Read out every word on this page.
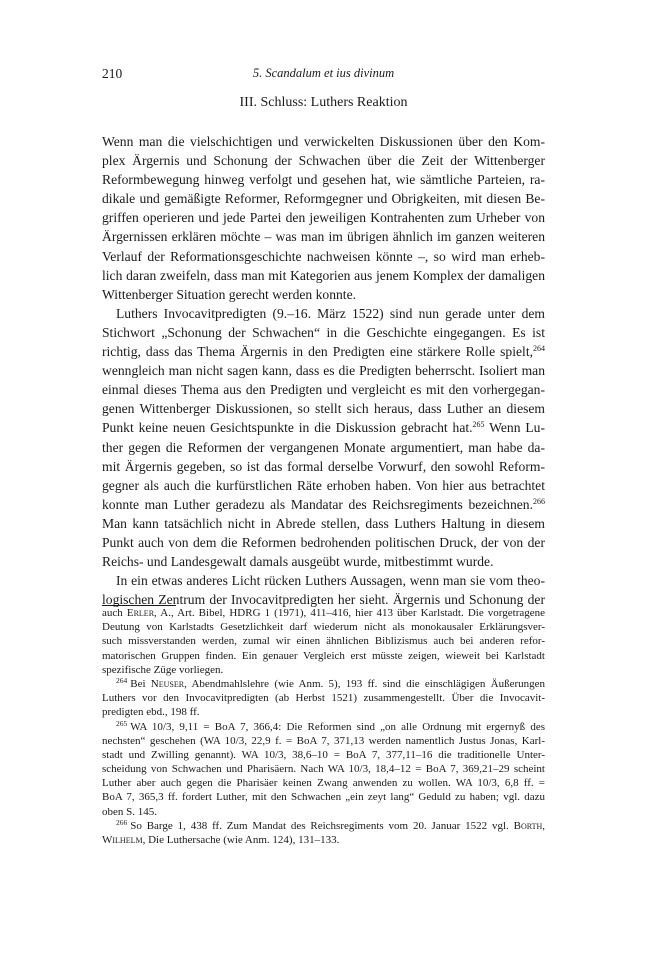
210	5. Scandalum et ius divinum
III. Schluss: Luthers Reaktion
Wenn man die vielschichtigen und verwickelten Diskussionen über den Kom-
plex Ärgernis und Schonung der Schwachen über die Zeit der Wittenberger
Reformbewegung hinweg verfolgt und gesehen hat, wie sämtliche Parteien, ra-
dikale und gemäßigte Reformer, Reformgegner und Obrigkeiten, mit diesen Be-
griffen operieren und jede Partei den jeweiligen Kontrahenten zum Urheber von
Ärgernissen erklären möchte – was man im übrigen ähnlich im ganzen weiteren
Verlauf der Reformationsgeschichte nachweisen könnte –, so wird man erheb-
lich daran zweifeln, dass man mit Kategorien aus jenem Komplex der damaligen
Wittenberger Situation gerecht werden konnte.
Luthers Invocavitpredigten (9.–16. März 1522) sind nun gerade unter dem
Stichwort „Schonung der Schwachen“ in die Geschichte eingegangen. Es ist
richtig, dass das Thema Ärgernis in den Predigten eine stärkere Rolle spielt,$^{264}$
wenngleich man nicht sagen kann, dass es die Predigten beherrscht. Isoliert man
einmal dieses Thema aus den Predigten und vergleicht es mit den vorhergegan-
genen Wittenberger Diskussionen, so stellt sich heraus, dass Luther an diesem
Punkt keine neuen Gesichtspunkte in die Diskussion gebracht hat.$^{265}$ Wenn Lu-
ther gegen die Reformen der vergangenen Monate argumentiert, man habe da-
mit Ärgernis gegeben, so ist das formal derselbe Vorwurf, den sowohl Reform-
gegner als auch die kurfürstlichen Räte erhoben haben. Von hier aus betrachtet
konnte man Luther geradezu als Mandatar des Reichsregiments bezeichnen.$^{266}$
Man kann tatsächlich nicht in Abrede stellen, dass Luthers Haltung in diesem
Punkt auch von dem die Reformen bedrohenden politischen Druck, der von der
Reichs- und Landesgewalt damals ausgeübt wurde, mitbestimmt wurde.
In ein etwas anderes Licht rücken Luthers Aussagen, wenn man sie vom theo-
logischen Zentrum der Invocavitpredigten her sieht. Ärgernis und Schonung der
auch Erler, A., Art. Bibel, HDRG 1 (1971), 411–416, hier 413 über Karlstadt. Die vorgetragene
Deutung von Karlstadts Gesetzlichkeit darf wiederum nicht als monokausaler Erklärungsver-
such missverstanden werden, zumal wir einen ähnlichen Biblizismus auch bei anderen refor-
matorischen Gruppen finden. Ein genauer Vergleich erst müsste zeigen, wieweit bei Karlstadt
spezifische Züge vorliegen.
$^{264}$ Bei Neuser, Abendmahlslehre (wie Anm. 5), 193 ff. sind die einschlägigen Äußerungen
Luthers vor den Invocavitpredigten (ab Herbst 1521) zusammengestellt. Über die Invocavit-
predigten ebd., 198 ff.
$^{265}$ WA 10/3, 9,11 = BoA 7, 366,4: Die Reformen sind „on alle Ordnung mit ergernyß des
nechsten“ geschehen (WA 10/3, 22,9 f. = BoA 7, 371,13 werden namentlich Justus Jonas, Karl-
stadt und Zwilling genannt). WA 10/3, 38,6–10 = BoA 7, 377,11–16 die traditionelle Unter-
scheidung von Schwachen und Pharisäern. Nach WA 10/3, 18,4–12 = BoA 7, 369,21–29 scheint
Luther aber auch gegen die Pharisäer keinen Zwang anwenden zu wollen. WA 10/3, 6,8 ff. =
BoA 7, 365,3 ff. fordert Luther, mit den Schwachen „ein zeyt lang“ Geduld zu haben; vgl. dazu
oben S. 145.
$^{266}$ So Barge 1, 438 ff. Zum Mandat des Reichsregiments vom 20. Januar 1522 vgl. Borth,
Wilhelm, Die Luthersache (wie Anm. 124), 131–133.
